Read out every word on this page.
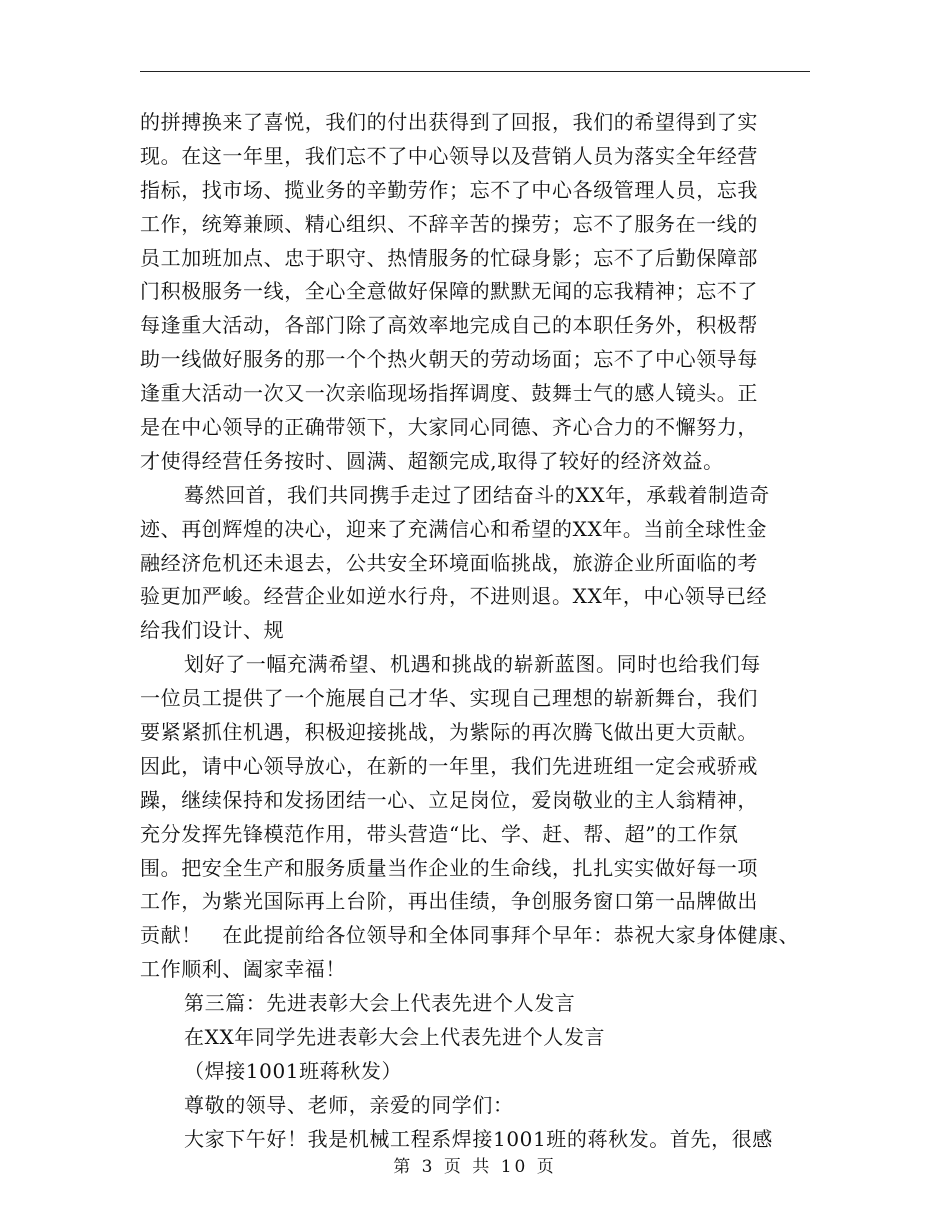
的拼搏换来了喜悦，我们的付出获得到了回报，我们的希望得到了实
现。在这一年里，我们忘不了中心领导以及营销人员为落实全年经营
指标，找市场、揽业务的辛勤劳作；忘不了中心各级管理人员，忘我
工作，统筹兼顾、精心组织、不辞辛苦的操劳；忘不了服务在一线的
员工加班加点、忠于职守、热情服务的忙碌身影；忘不了后勤保障部
门积极服务一线，全心全意做好保障的默默无闻的忘我精神；忘不了
每逢重大活动，各部门除了高效率地完成自己的本职任务外，积极帮
助一线做好服务的那一个个热火朝天的劳动场面；忘不了中心领导每
逢重大活动一次又一次亲临现场指挥调度、鼓舞士气的感人镜头。正
是在中心领导的正确带领下，大家同心同德、齐心合力的不懈努力，
才使得经营任务按时、圆满、超额完成,取得了较好的经济效益。
蓦然回首，我们共同携手走过了团结奋斗的XX年，承载着制造奇
迹、再创辉煌的决心，迎来了充满信心和希望的XX年。当前全球性金
融经济危机还未退去，公共安全环境面临挑战，旅游企业所面临的考
验更加严峻。经营企业如逆水行舟，不进则退。XX年，中心领导已经
给我们设计、规
划好了一幅充满希望、机遇和挑战的崭新蓝图。同时也给我们每
一位员工提供了一个施展自己才华、实现自己理想的崭新舞台，我们
要紧紧抓住机遇，积极迎接挑战，为紫际的再次腾飞做出更大贡献。
因此，请中心领导放心，在新的一年里，我们先进班组一定会戒骄戒
躁，继续保持和发扬团结一心、立足岗位，爱岗敬业的主人翁精神，
充分发挥先锋模范作用，带头营造“比、学、赶、帮、超”的工作氛
围。把安全生产和服务质量当作企业的生命线，扎扎实实做好每一项
工作，为紫光国际再上台阶，再出佳绩，争创服务窗口第一品牌做出
贡献！　在此提前给各位领导和全体同事拜个早年：恭祝大家身体健康、
工作顺利、阖家幸福！
第三篇：先进表彰大会上代表先进个人发言
在XX年同学先进表彰大会上代表先进个人发言
（焊接1001班蒋秋发）
尊敬的领导、老师，亲爱的同学们：
大家下午好！我是机械工程系焊接1001班的蒋秋发。首先，很感
第 3 页 共 10 页
